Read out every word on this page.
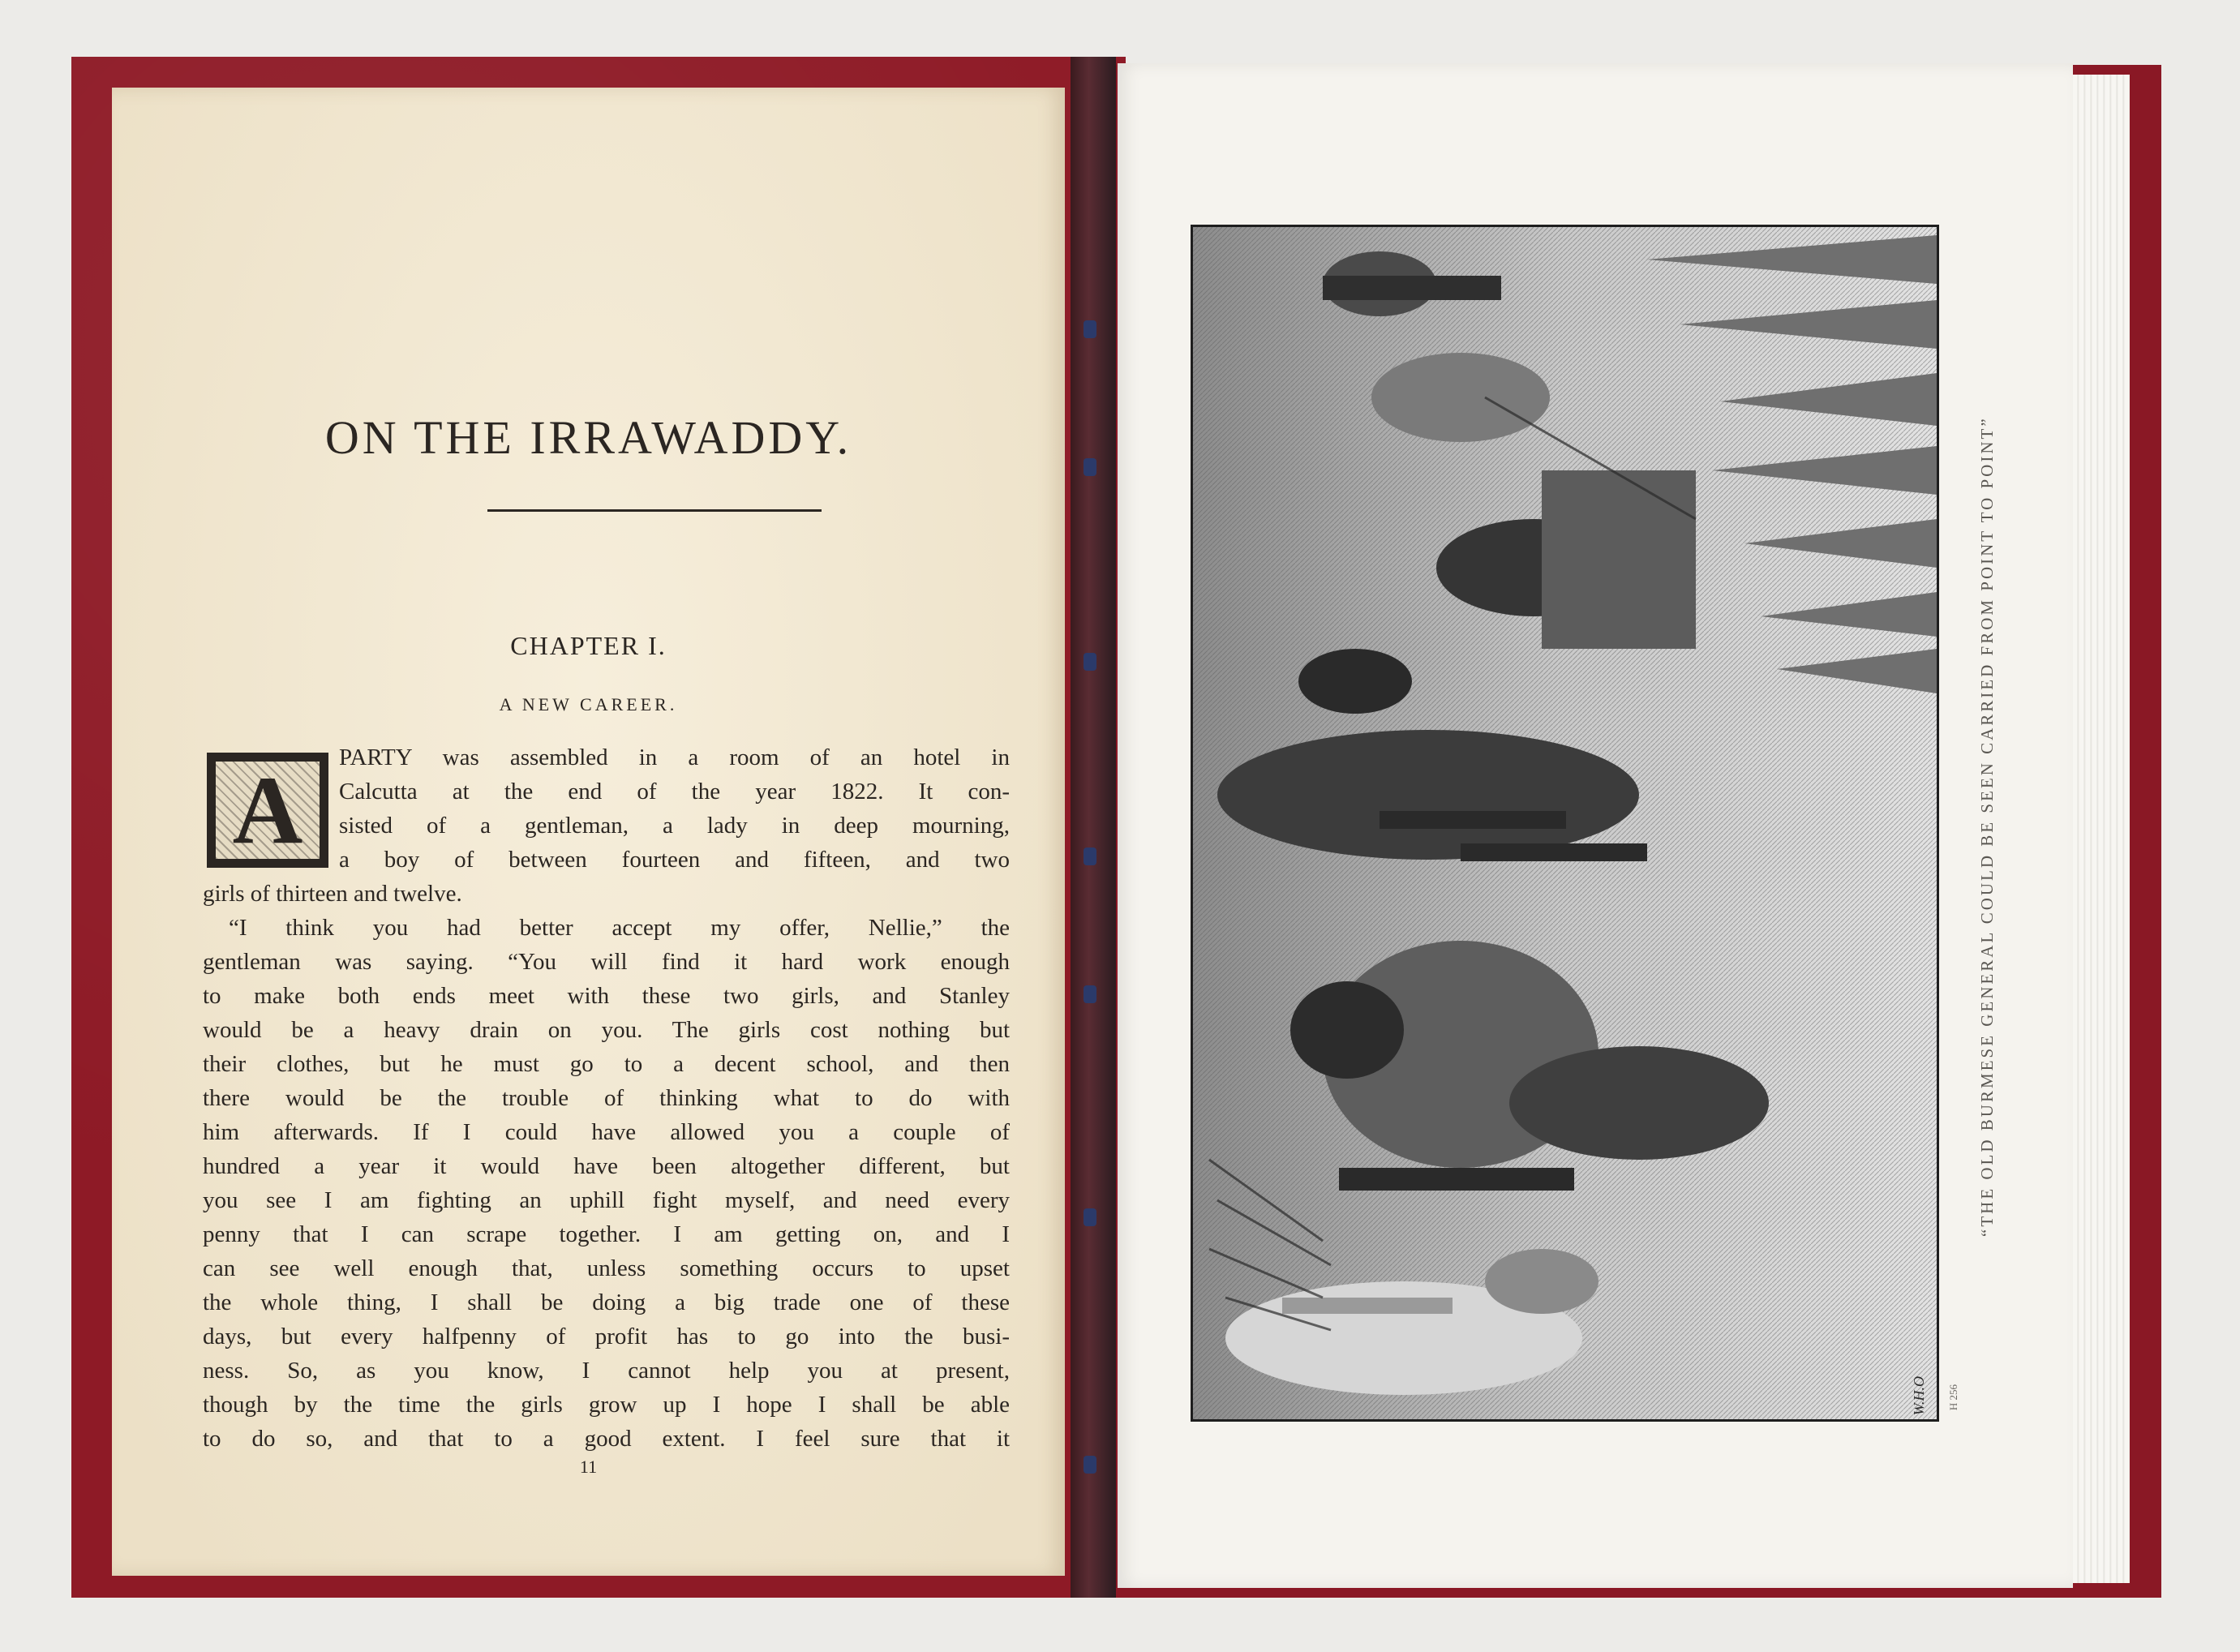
ON THE IRRAWADDY.
CHAPTER I.
A NEW CAREER.
A PARTY was assembled in a room of an hotel in
Calcutta at the end of the year 1822. It con-
sisted of a gentleman, a lady in deep mourning,
a boy of between fourteen and fifteen, and two
girls of thirteen and twelve.
“I think you had better accept my offer, Nellie,” the
gentleman was saying. “You will find it hard work enough
to make both ends meet with these two girls, and Stanley
would be a heavy drain on you. The girls cost nothing but
their clothes, but he must go to a decent school, and then
there would be the trouble of thinking what to do with
him afterwards. If I could have allowed you a couple of
hundred a year it would have been altogether different, but
you see I am fighting an uphill fight myself, and need every
penny that I can scrape together. I am getting on, and I
can see well enough that, unless something occurs to upset
the whole thing, I shall be doing a big trade one of these
days, but every halfpenny of profit has to go into the busi-
ness. So, as you know, I cannot help you at present,
though by the time the girls grow up I hope I shall be able
to do so, and that to a good extent. I feel sure that it
11
“THE OLD BURMESE GENERAL COULD BE SEEN CARRIED FROM POINT TO POINT”
W.H.O H 256
